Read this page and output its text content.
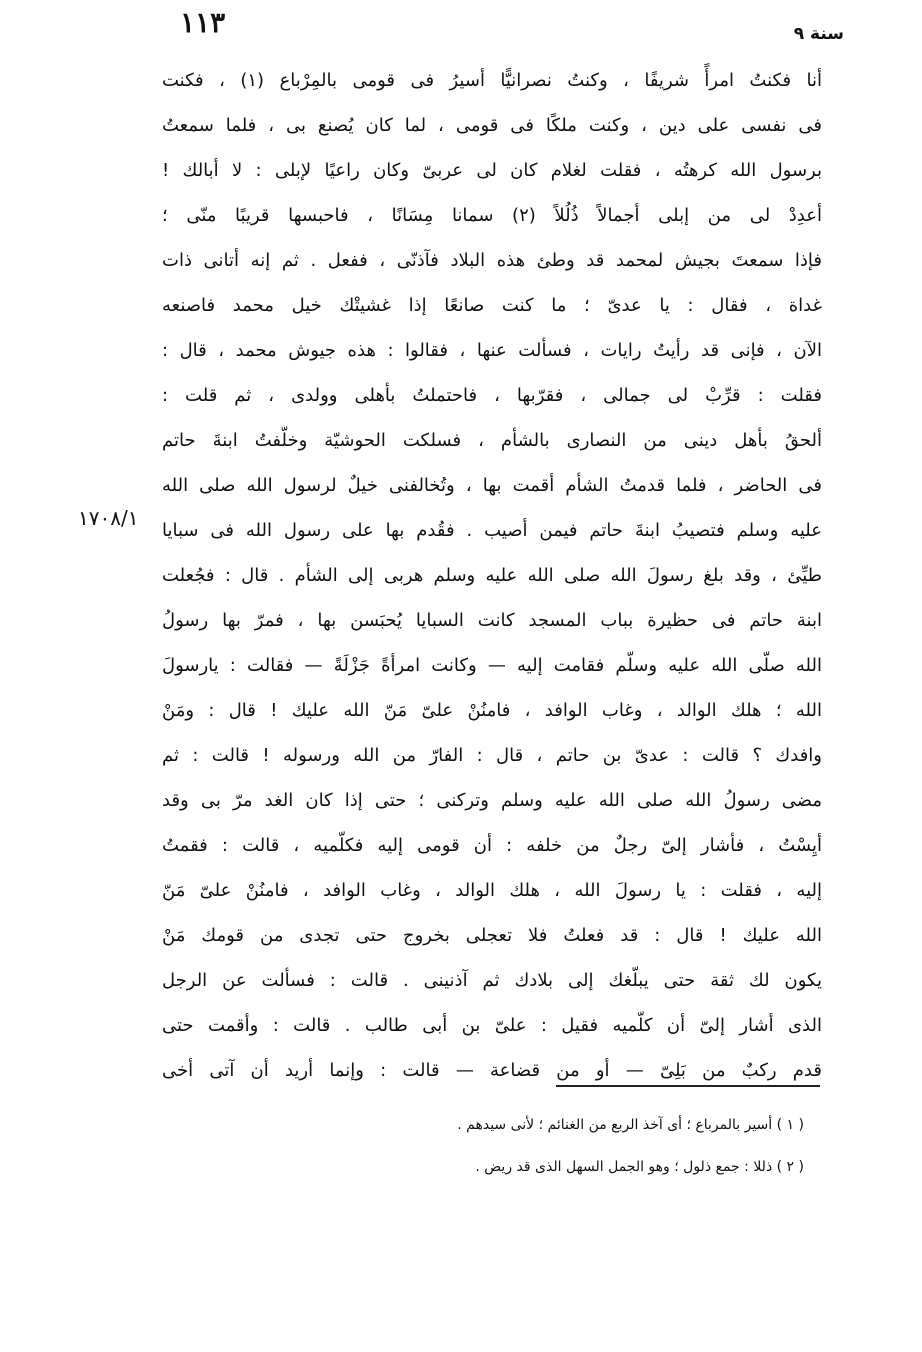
١١٣	سنة ٩
١٧٠٨/١
أنا فكنتُ امرأً شريفًا ، وكنتُ نصرانيًّا أسيرُ فى قومى بالمِرْباع (١) ، فكنت
فى نفسى على دين ، وكنت ملكًا فى قومى ، لما كان يُصنع بى ، فلما سمعتُ
برسول الله كرهتُه ، فقلت لغلام كان لى عربىّ وكان راعيًا لإبلى : لا أبالك !
أعدِدْ لى من إبلى أجمالاً ذُلُلاً (٢) سمانا مِسَانًا ، فاحبسها قريبًا منّى ؛
فإذا سمعتَ بجيش لمحمد قد وطئ هذه البلاد فآذنّى ، ففعل . ثم إنه أتانى ذات
غداة ، فقال : يا عدىّ ؛ ما كنت صانعًا إذا غشيتْك خيل محمد فاصنعه
الآن ، فإنى قد رأيتُ رايات ، فسألت عنها ، فقالوا : هذه جيوش محمد ، قال :
فقلت : قرِّبْ لى جمالى ، فقرّبها ، فاحتملتُ بأهلى وولدى ، ثم قلت :
ألحقُ بأهل دينى من النصارى بالشأم ، فسلكت الحوشيّة وخلّفتُ ابنةَ حاتم
فى الحاضر ، فلما قدمتُ الشأم أقمت بها ، وتُخالفنى خيلٌ لرسول الله صلى الله
عليه وسلم فتصيبُ ابنةَ حاتم فيمن أصيب . فقُدم بها على رسول الله فى سبايا
طيِّئ ، وقد بلغ رسولَ الله صلى الله عليه وسلم هربى إلى الشأم . قال : فجُعلت
ابنة حاتم فى حظيرة بباب المسجد كانت السبايا يُحبَسن بها ، فمرّ بها رسولُ
الله صلّى الله عليه وسلّم فقامت إليه — وكانت امرأةً جَزْلَةً — فقالت : يارسولَ
الله ؛ هلك الوالد ، وغاب الوافد ، فامنُنْ علىّ مَنّ الله عليك ! قال : ومَنْ
وافدك ؟ قالت : عدىّ بن حاتم ، قال : الفارّ من الله ورسوله ! قالت : ثم
مضى رسولُ الله صلى الله عليه وسلم وتركنى ؛ حتى إذا كان الغد مرّ بى وقد
أيِسْتُ ، فأشار إلىّ رجلٌ من خلفه : أن قومى إليه فكلّميه ، قالت : فقمتُ
إليه ، فقلت : يا رسولَ الله ، هلك الوالد ، وغاب الوافد ، فامنُنْ علىّ مَنّ
الله عليك ! قال : قد فعلتُ فلا تعجلى بخروج حتى تجدى من قومك مَنْ
يكون لك ثقة حتى يبلّغك إلى بلادك ثم آذنينى . قالت : فسألت عن الرجل
الذى أشار إلىّ أن كلّميه فقيل : علىّ بن أبى طالب . قالت : وأقمت حتى
قدم ركبٌ من بَلِىّ — أو من قضاعة — قالت : وإنما أريد أن آتى أخى
( ١ ) أسير بالمرباع ؛ أى آخذ الربع من الغنائم ؛ لأنى سيدهم .
( ٢ ) ذللا : جمع ذلول ؛ وهو الجمل السهل الذى قد ريض .
